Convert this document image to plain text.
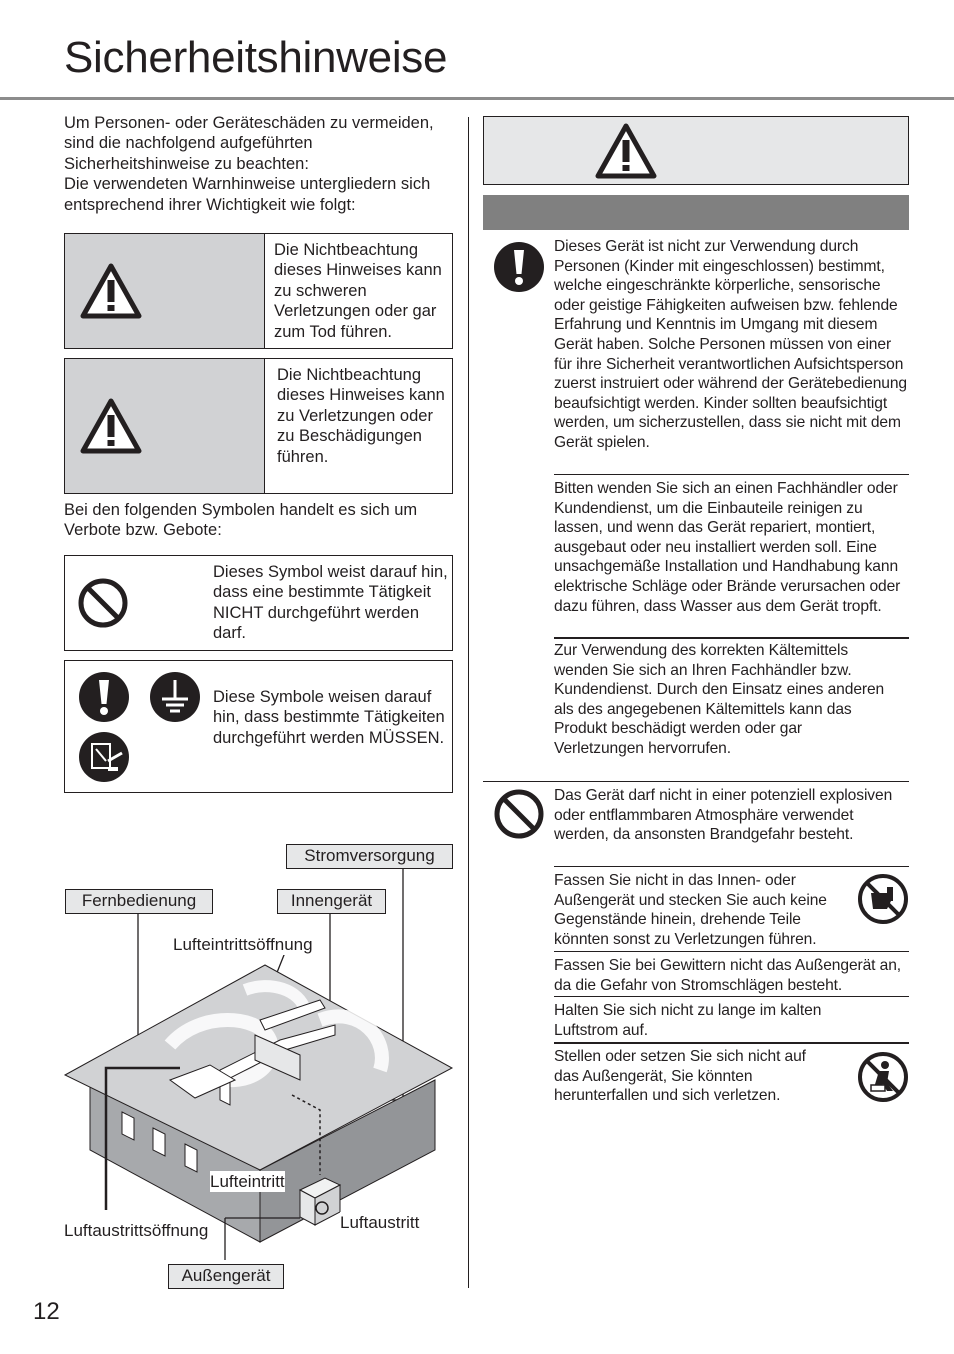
Sicherheitshinweise

Um Personen- oder Geräteschäden zu vermeiden, sind die nachfolgend aufgeführten Sicherheitshinweise zu beachten:

Die verwendeten Warnhinweise untergliedern sich entsprechend ihrer Wichtigkeit wie folgt:

Die Nichtbeachtung dieses Hinweises kann zu schweren Verletzungen oder gar zum Tod führen.
Die Nichtbeachtung dieses Hinweises kann zu Verletzungen oder zu Beschädigungen führen.
Bei den folgenden Symbolen handelt es sich um Verbote bzw. Gebote:
Dieses Symbol weist darauf hin, dass eine bestimmte Tätigkeit NICHT durchgeführt werden darf.
Diese Symbole weisen darauf hin, dass bestimmte Tätigkeiten durchgeführt werden MÜSSEN.
Stromversorgung
Fernbedienung	Innengerät
Lufteintrittsöffnung
Lufteintritt
Luftaustrittsöffnung	Luftaustritt
Außengerät
Dieses Gerät ist nicht zur Verwendung durch Personen (Kinder mit eingeschlossen) bestimmt, welche eingeschränkte körperliche, sensorische oder geistige Fähigkeiten aufweisen bzw. fehlende Erfahrung und Kenntnis im Umgang mit diesem Gerät haben. Solche Personen müssen von einer für ihre Sicherheit verantwortlichen Aufsichtsperson zuerst instruiert oder während der Gerätebedienung beaufsichtigt werden. Kinder sollten beaufsichtigt werden, um sicherzustellen, dass sie nicht mit dem Gerät spielen.
Bitten wenden Sie sich an einen Fachhändler oder Kundendienst, um die Einbauteile reinigen zu lassen, und wenn das Gerät repariert, montiert, ausgebaut oder neu installiert werden soll. Eine unsachgemäße Installation und Handhabung kann elektrische Schläge oder Brände verursachen oder dazu führen, dass Wasser aus dem Gerät tropft.
Zur Verwendung des korrekten Kältemittels wenden Sie sich an Ihren Fachhändler bzw. Kundendienst. Durch den Einsatz eines anderen als des angegebenen Kältemittels kann das Produkt beschädigt werden oder gar Verletzungen hervorrufen.
Das Gerät darf nicht in einer potenziell explosiven oder entflammbaren Atmosphäre verwendet werden, da ansonsten Brandgefahr besteht.
Fassen Sie nicht in das Innen- oder Außengerät und stecken Sie auch keine Gegenstände hinein, drehende Teile könnten sonst zu Verletzungen führen.
Fassen Sie bei Gewittern nicht das Außengerät an, da die Gefahr von Stromschlägen besteht.
Halten Sie sich nicht zu lange im kalten Luftstrom auf.
Stellen oder setzen Sie sich nicht auf das Außengerät, Sie könnten herunterfallen und sich verletzen.
12
